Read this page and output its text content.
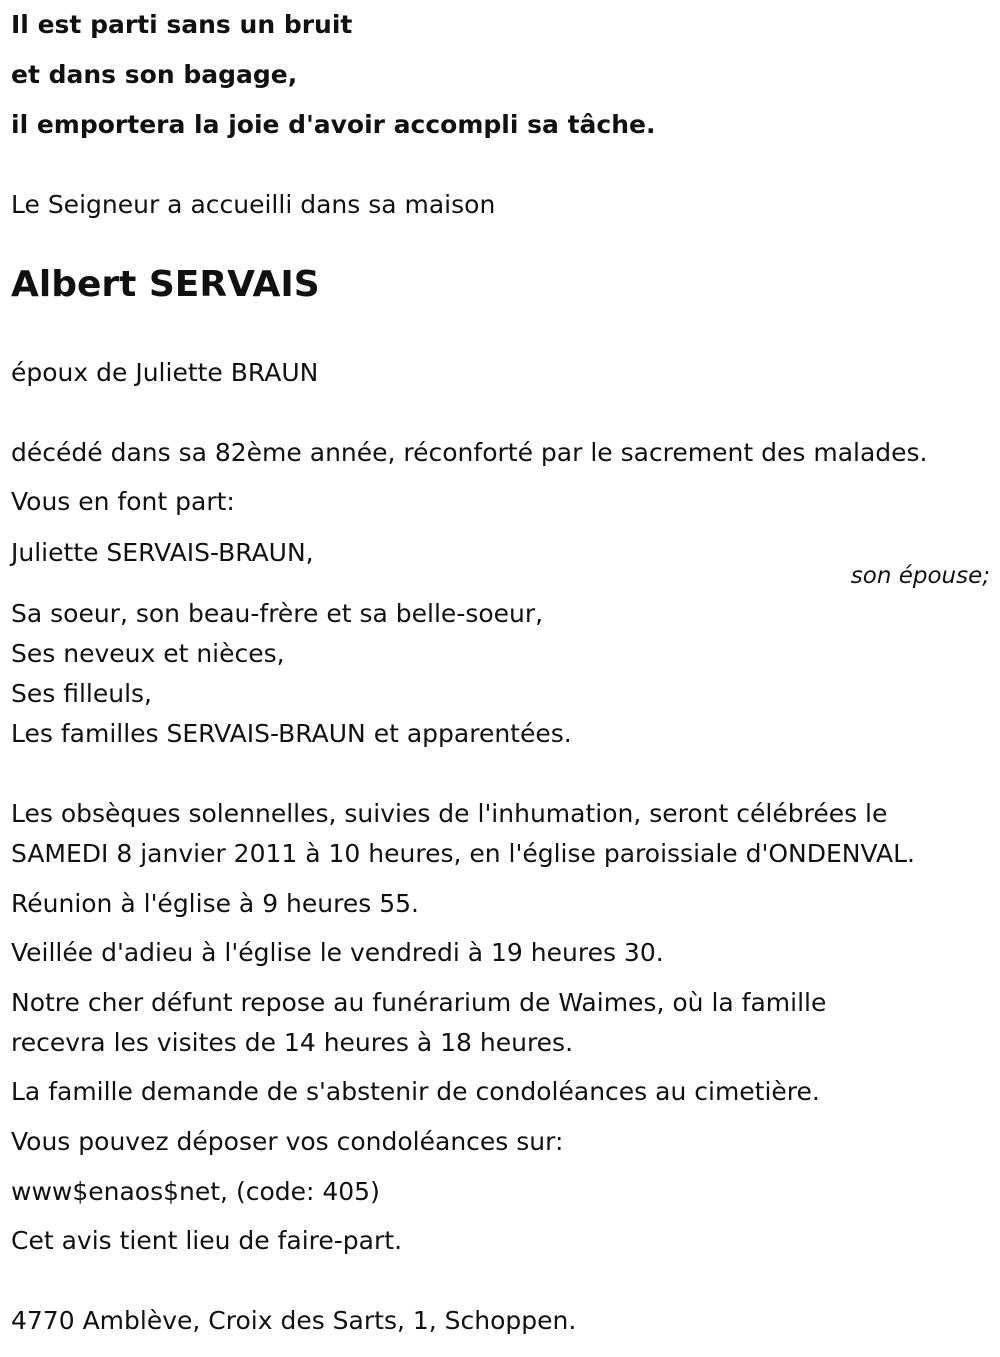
Il est parti sans un bruit
et dans son bagage,
il emportera la joie d'avoir accompli sa tâche.
Le Seigneur a accueilli dans sa maison
Albert SERVAIS
époux de Juliette BRAUN
décédé dans sa 82ème année, réconforté par le sacrement des malades.
Vous en font part:
Juliette SERVAIS-BRAUN,
son épouse;
Sa soeur, son beau-frère et sa belle-soeur,
Ses neveux et nièces,
Ses filleuls,
Les familles SERVAIS-BRAUN et apparentées.
Les obsèques solennelles, suivies de l'inhumation, seront célébrées le
SAMEDI 8 janvier 2011 à 10 heures, en l'église paroissiale d'ONDENVAL.
Réunion à l'église à 9 heures 55.
Veillée d'adieu à l'église le vendredi à 19 heures 30.
Notre cher défunt repose au funérarium de Waimes, où la famille
recevra les visites de 14 heures à 18 heures.
La famille demande de s'abstenir de condoléances au cimetière.
Vous pouvez déposer vos condoléances sur:
www$enaos$net, (code: 405)
Cet avis tient lieu de faire-part.
4770 Amblève, Croix des Sarts, 1, Schoppen.
